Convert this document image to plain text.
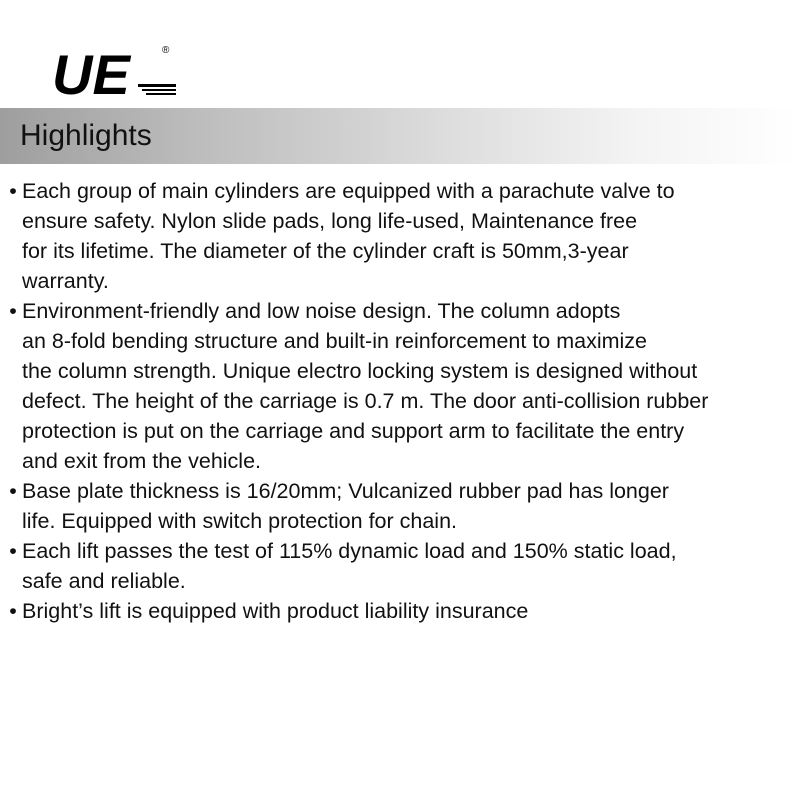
UE	®
Highlights
• Each group of main cylinders are equipped with a parachute valve to
ensure safety. Nylon slide pads, long life-used, Maintenance free
for its lifetime. The diameter of the cylinder craft is 50mm,3-year
warranty.
• Environment-friendly and low noise design. The column adopts
an 8-fold bending structure and built-in reinforcement to maximize
the column strength. Unique electro locking system is designed without
defect. The height of the carriage is 0.7 m. The door anti-collision rubber
protection is put on the carriage and support arm to facilitate the entry
and exit from the vehicle.
• Base plate thickness is 16/20mm; Vulcanized rubber pad has longer
life. Equipped with switch protection for chain.
• Each lift passes the test of 115% dynamic load and 150% static load,
safe and reliable.
• Bright’s lift is equipped with product liability insurance
